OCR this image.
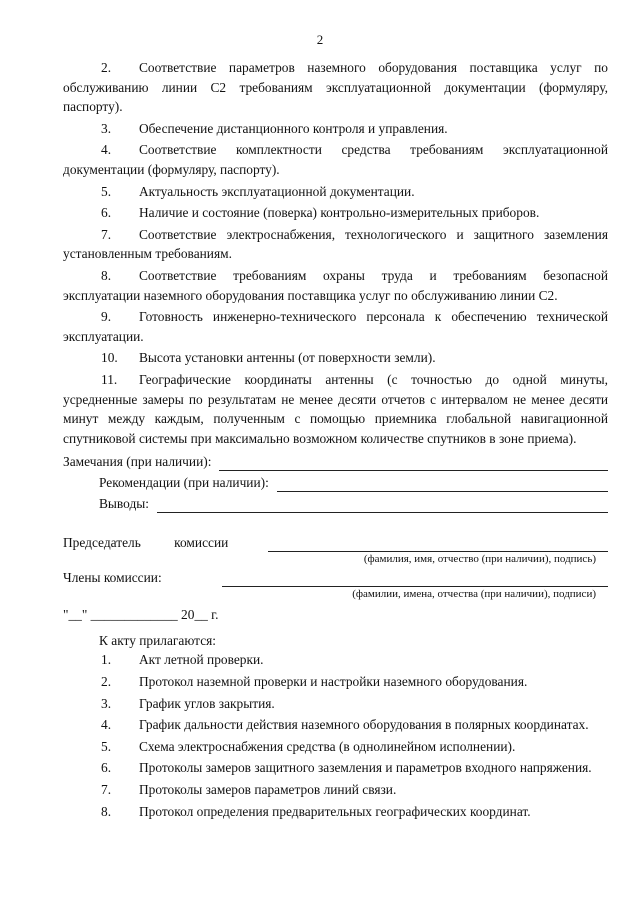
2

2. Соответствие параметров наземного оборудования поставщика услуг по обслуживанию линии С2 требованиям эксплуатационной документации (формуляру, паспорту).

3. Обеспечение дистанционного контроля и управления.

4. Соответствие комплектности средства требованиям эксплуатационной документации (формуляру, паспорту).

5. Актуальность эксплуатационной документации.

6. Наличие и состояние (поверка) контрольно-измерительных приборов.

7. Соответствие электроснабжения, технологического и защитного заземления установленным требованиям.

8. Соответствие требованиям охраны труда и требованиям безопасной эксплуатации наземного оборудования поставщика услуг по обслуживанию линии С2.

9. Готовность инженерно-технического персонала к обеспечению технической эксплуатации.

10. Высота установки антенны (от поверхности земли).

11. Географические координаты антенны (с точностью до одной минуты, усредненные замеры по результатам не менее десяти отчетов с интервалом не менее десяти минут между каждым, полученным с помощью приемника глобальной навигационной спутниковой системы при максимально возможном количестве спутников в зоне приема).

Замечания (при наличии):
Рекомендации (при наличии):
Выводы:
Председатель комиссии
(фамилия, имя, отчество (при наличии), подпись)
Члены комиссии:
(фамилии, имена, отчества (при наличии), подписи)
"__" _____________ 20__ г.

К акту прилагаются:

1. Акт летной проверки.

2. Протокол наземной проверки и настройки наземного оборудования.

3. График углов закрытия.

4. График дальности действия наземного оборудования в полярных координатах.

5. Схема электроснабжения средства (в однолинейном исполнении).

6. Протоколы замеров защитного заземления и параметров входного напряжения.

7. Протоколы замеров параметров линий связи.

8. Протокол определения предварительных географических координат.
